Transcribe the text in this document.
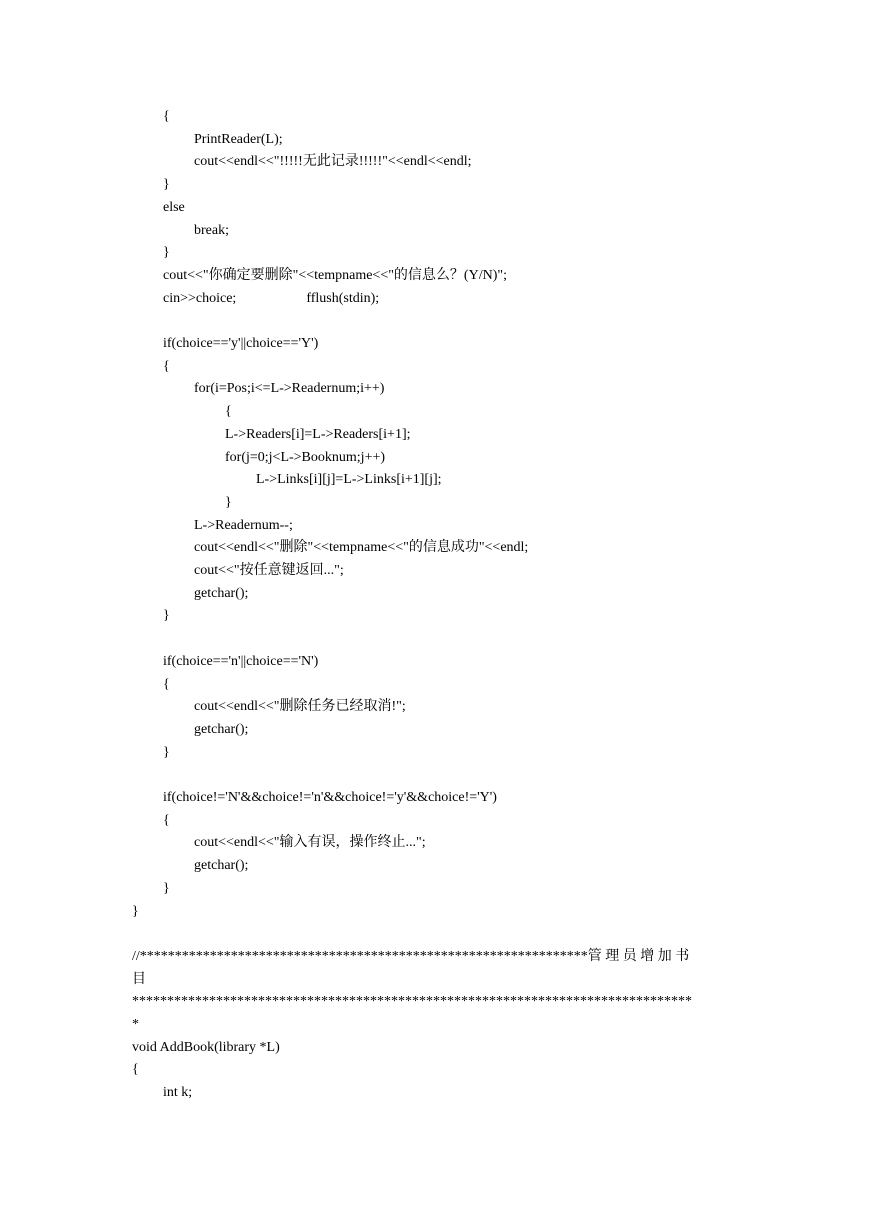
{
PrintReader(L);
cout<<endl<<"!!!!!无此记录!!!!!"<<endl<<endl;
}
else
break;
}
cout<<"你确定要删除"<<tempname<<"的信息么？(Y/N)";
cin>>choice;                    fflush(stdin);
if(choice=='y'||choice=='Y')
{
for(i=Pos;i<=L->Readernum;i++)
{
L->Readers[i]=L->Readers[i+1];
for(j=0;j<L->Booknum;j++)
L->Links[i][j]=L->Links[i+1][j];
}
L->Readernum--;
cout<<endl<<"删除"<<tempname<<"的信息成功"<<endl;
cout<<"按任意键返回...";
getchar();
}
if(choice=='n'||choice=='N')
{
cout<<endl<<"删除任务已经取消!";
getchar();
}
if(choice!='N'&&choice!='n'&&choice!='y'&&choice!='Y')
{
cout<<endl<<"输入有误，操作终止...";
getchar();
}
}
//****************************************************************管 理 员 增 加 书
目
********************************************************************************
*
void AddBook(library *L)
{
int k;
